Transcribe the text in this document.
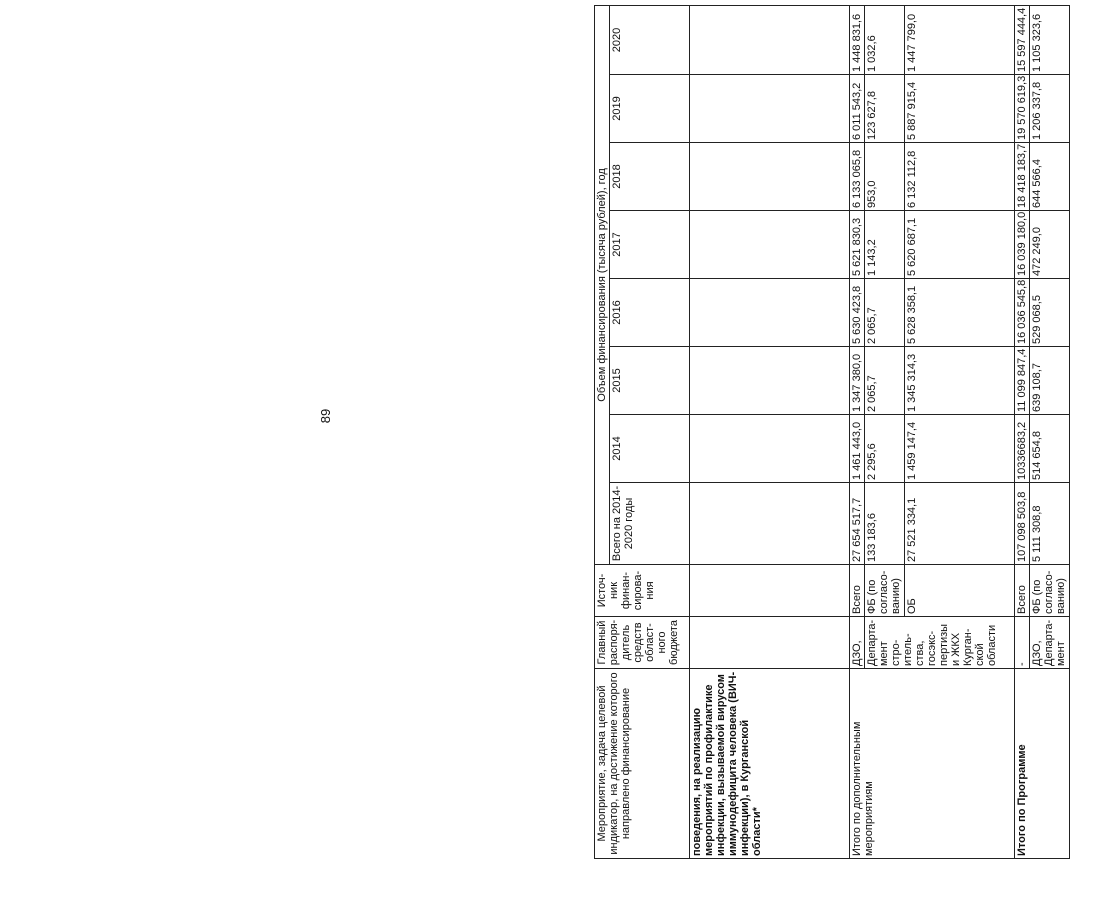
89
Мероприятие, задача целевой индикатор, на достижение которого направлено финансирование	Главный распоря-дитель средств област-ного бюджета	Источ-ник финан-сирова-ния	Объем финансирования (тысяча рублей), год							
			Всего на 2014-2020 годы	2014	2015	2016	2017	2018	2019	2020
поведения, на реализацию мероприятий по профилактике инфекции, вызываемой вирусом иммунодефицита человека (ВИЧ-инфекции), в Курганской области*										
Итого по дополнительным мероприятиям	ДЗО,	Всего	27 654 517,7	1 461 443,0	1 347 380,0	5 630 423,8	5 621 830,3	6 133 065,8	6 011 543,2	1 448 831,6
	Департа-мент стро-итель-ства, госэкс-пертизы и ЖКХ Курган-ской области	ФБ (по согласо-ванию)	133 183,6	2 295,6	2 065,7	2 065,7	1 143,2	953,0	123 627,8	1 032,6
		ОБ	27 521 334,1	1 459 147,4	1 345 314,3	5 628 358,1	5 620 687,1	6 132 112,8	5 887 915,4	1 447 799,0
Итого по Программе	-	Всего	107 098 503,8	10336683,2	11 099 847,4	16 036 545,8	16 039 180,0	18 418 183,7	19 570 619,3	15 597 444,4
	ДЗО, Департа-мент	ФБ (по согласо-ванию)	5 111 308,8	514 654,8	639 108,7	529 068,5	472 249,0	644 566,4	1 206 337,8	1 105 323,6
